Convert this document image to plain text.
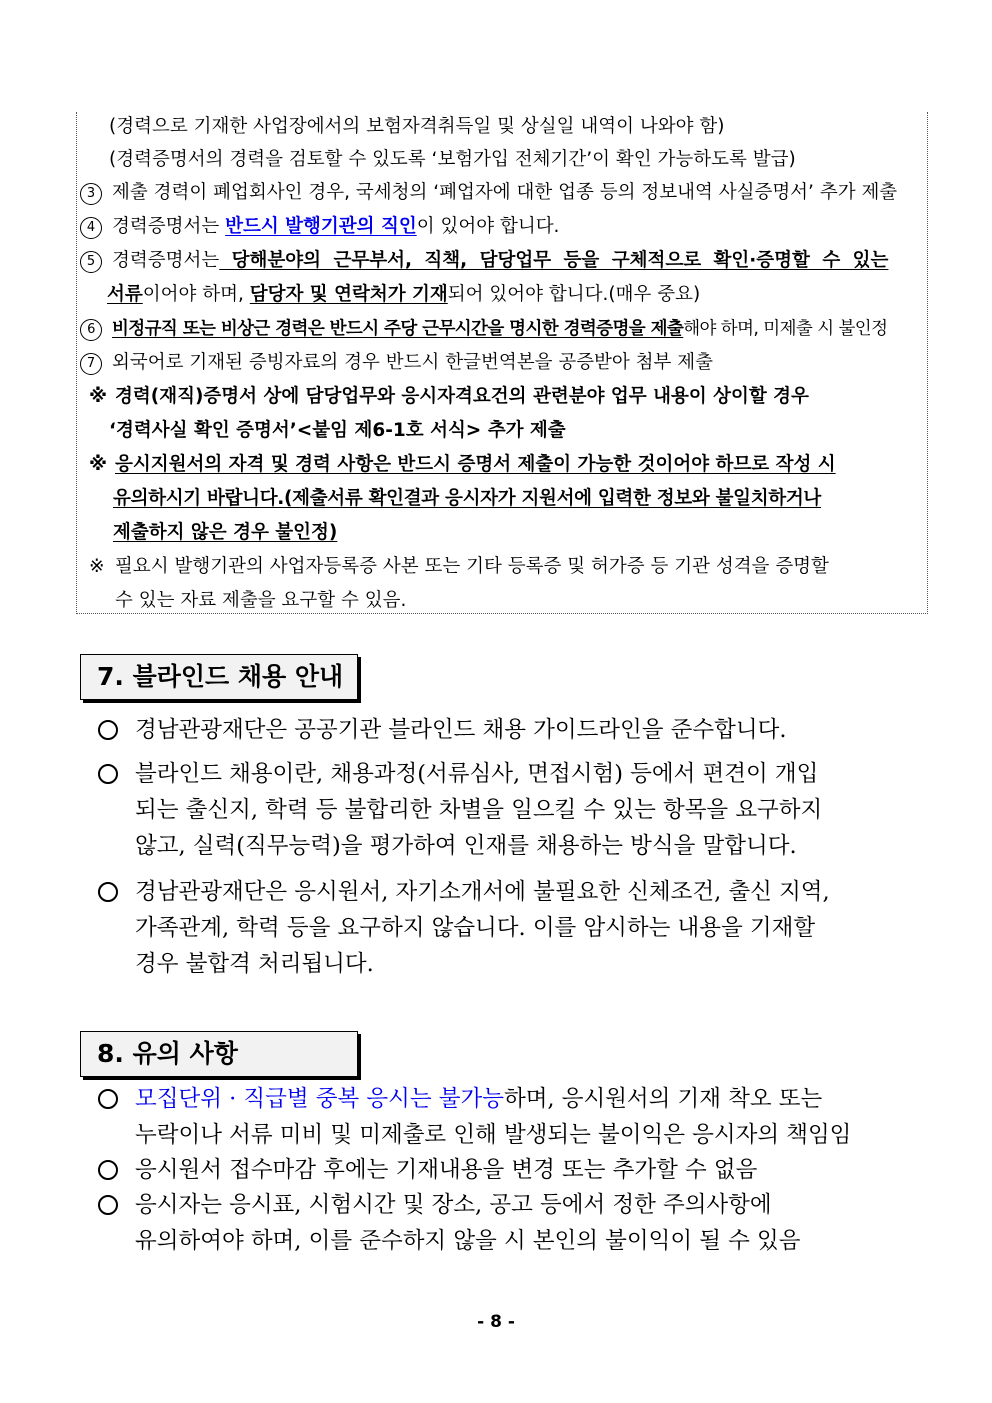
(경력으로 기재한 사업장에서의 보험자격취득일 및 상실일 내역이 나와야 함)
(경력증명서의 경력을 검토할 수 있도록 ‘보험가입 전체기간’이 확인 가능하도록 발급)
3 제출 경력이 폐업회사인 경우, 국세청의 ‘폐업자에 대한 업종 등의 정보내역 사실증명서’ 추가 제출
4 경력증명서는 반드시 발행기관의 직인이 있어야 합니다.
5 경력증명서는 당해분야의 근무부서, 직책, 담당업무 등을 구체적으로 확인·증명할 수 있는
서류이어야 하며, 담당자 및 연락처가 기재되어 있어야 합니다.(매우 중요)
6 비정규직 또는 비상근 경력은 반드시 주당 근무시간을 명시한 경력증명을 제출해야 하며, 미제출 시 불인정
7 외국어로 기재된 증빙자료의 경우 반드시 한글번역본을 공증받아 첨부 제출
※ 경력(재직)증명서 상에 담당업무와 응시자격요건의 관련분야 업무 내용이 상이할 경우
‘경력사실 확인 증명서’<붙임 제6-1호 서식> 추가 제출
※ 응시지원서의 자격 및 경력 사항은 반드시 증명서 제출이 가능한 것이어야 하므로 작성 시
유의하시기 바랍니다.(제출서류 확인결과 응시자가 지원서에 입력한 정보와 불일치하거나
제출하지 않은 경우 불인정)
※ 필요시 발행기관의 사업자등록증 사본 또는 기타 등록증 및 허가증 등 기관 성격을 증명할
수 있는 자료 제출을 요구할 수 있음.
7. 블라인드 채용 안내
경남관광재단은 공공기관 블라인드 채용 가이드라인을 준수합니다.
블라인드 채용이란, 채용과정(서류심사, 면접시험) 등에서 편견이 개입
되는 출신지, 학력 등 불합리한 차별을 일으킬 수 있는 항목을 요구하지
않고, 실력(직무능력)을 평가하여 인재를 채용하는 방식을 말합니다.
경남관광재단은 응시원서, 자기소개서에 불필요한 신체조건, 출신 지역,
가족관계, 학력 등을 요구하지 않습니다. 이를 암시하는 내용을 기재할
경우 불합격 처리됩니다.
8. 유의 사항
모집단위 · 직급별 중복 응시는 불가능하며, 응시원서의 기재 착오 또는
누락이나 서류 미비 및 미제출로 인해 발생되는 불이익은 응시자의 책임임
응시원서 접수마감 후에는 기재내용을 변경 또는 추가할 수 없음
응시자는 응시표, 시험시간 및 장소, 공고 등에서 정한 주의사항에
유의하여야 하며, 이를 준수하지 않을 시 본인의 불이익이 될 수 있음
- 8 -
